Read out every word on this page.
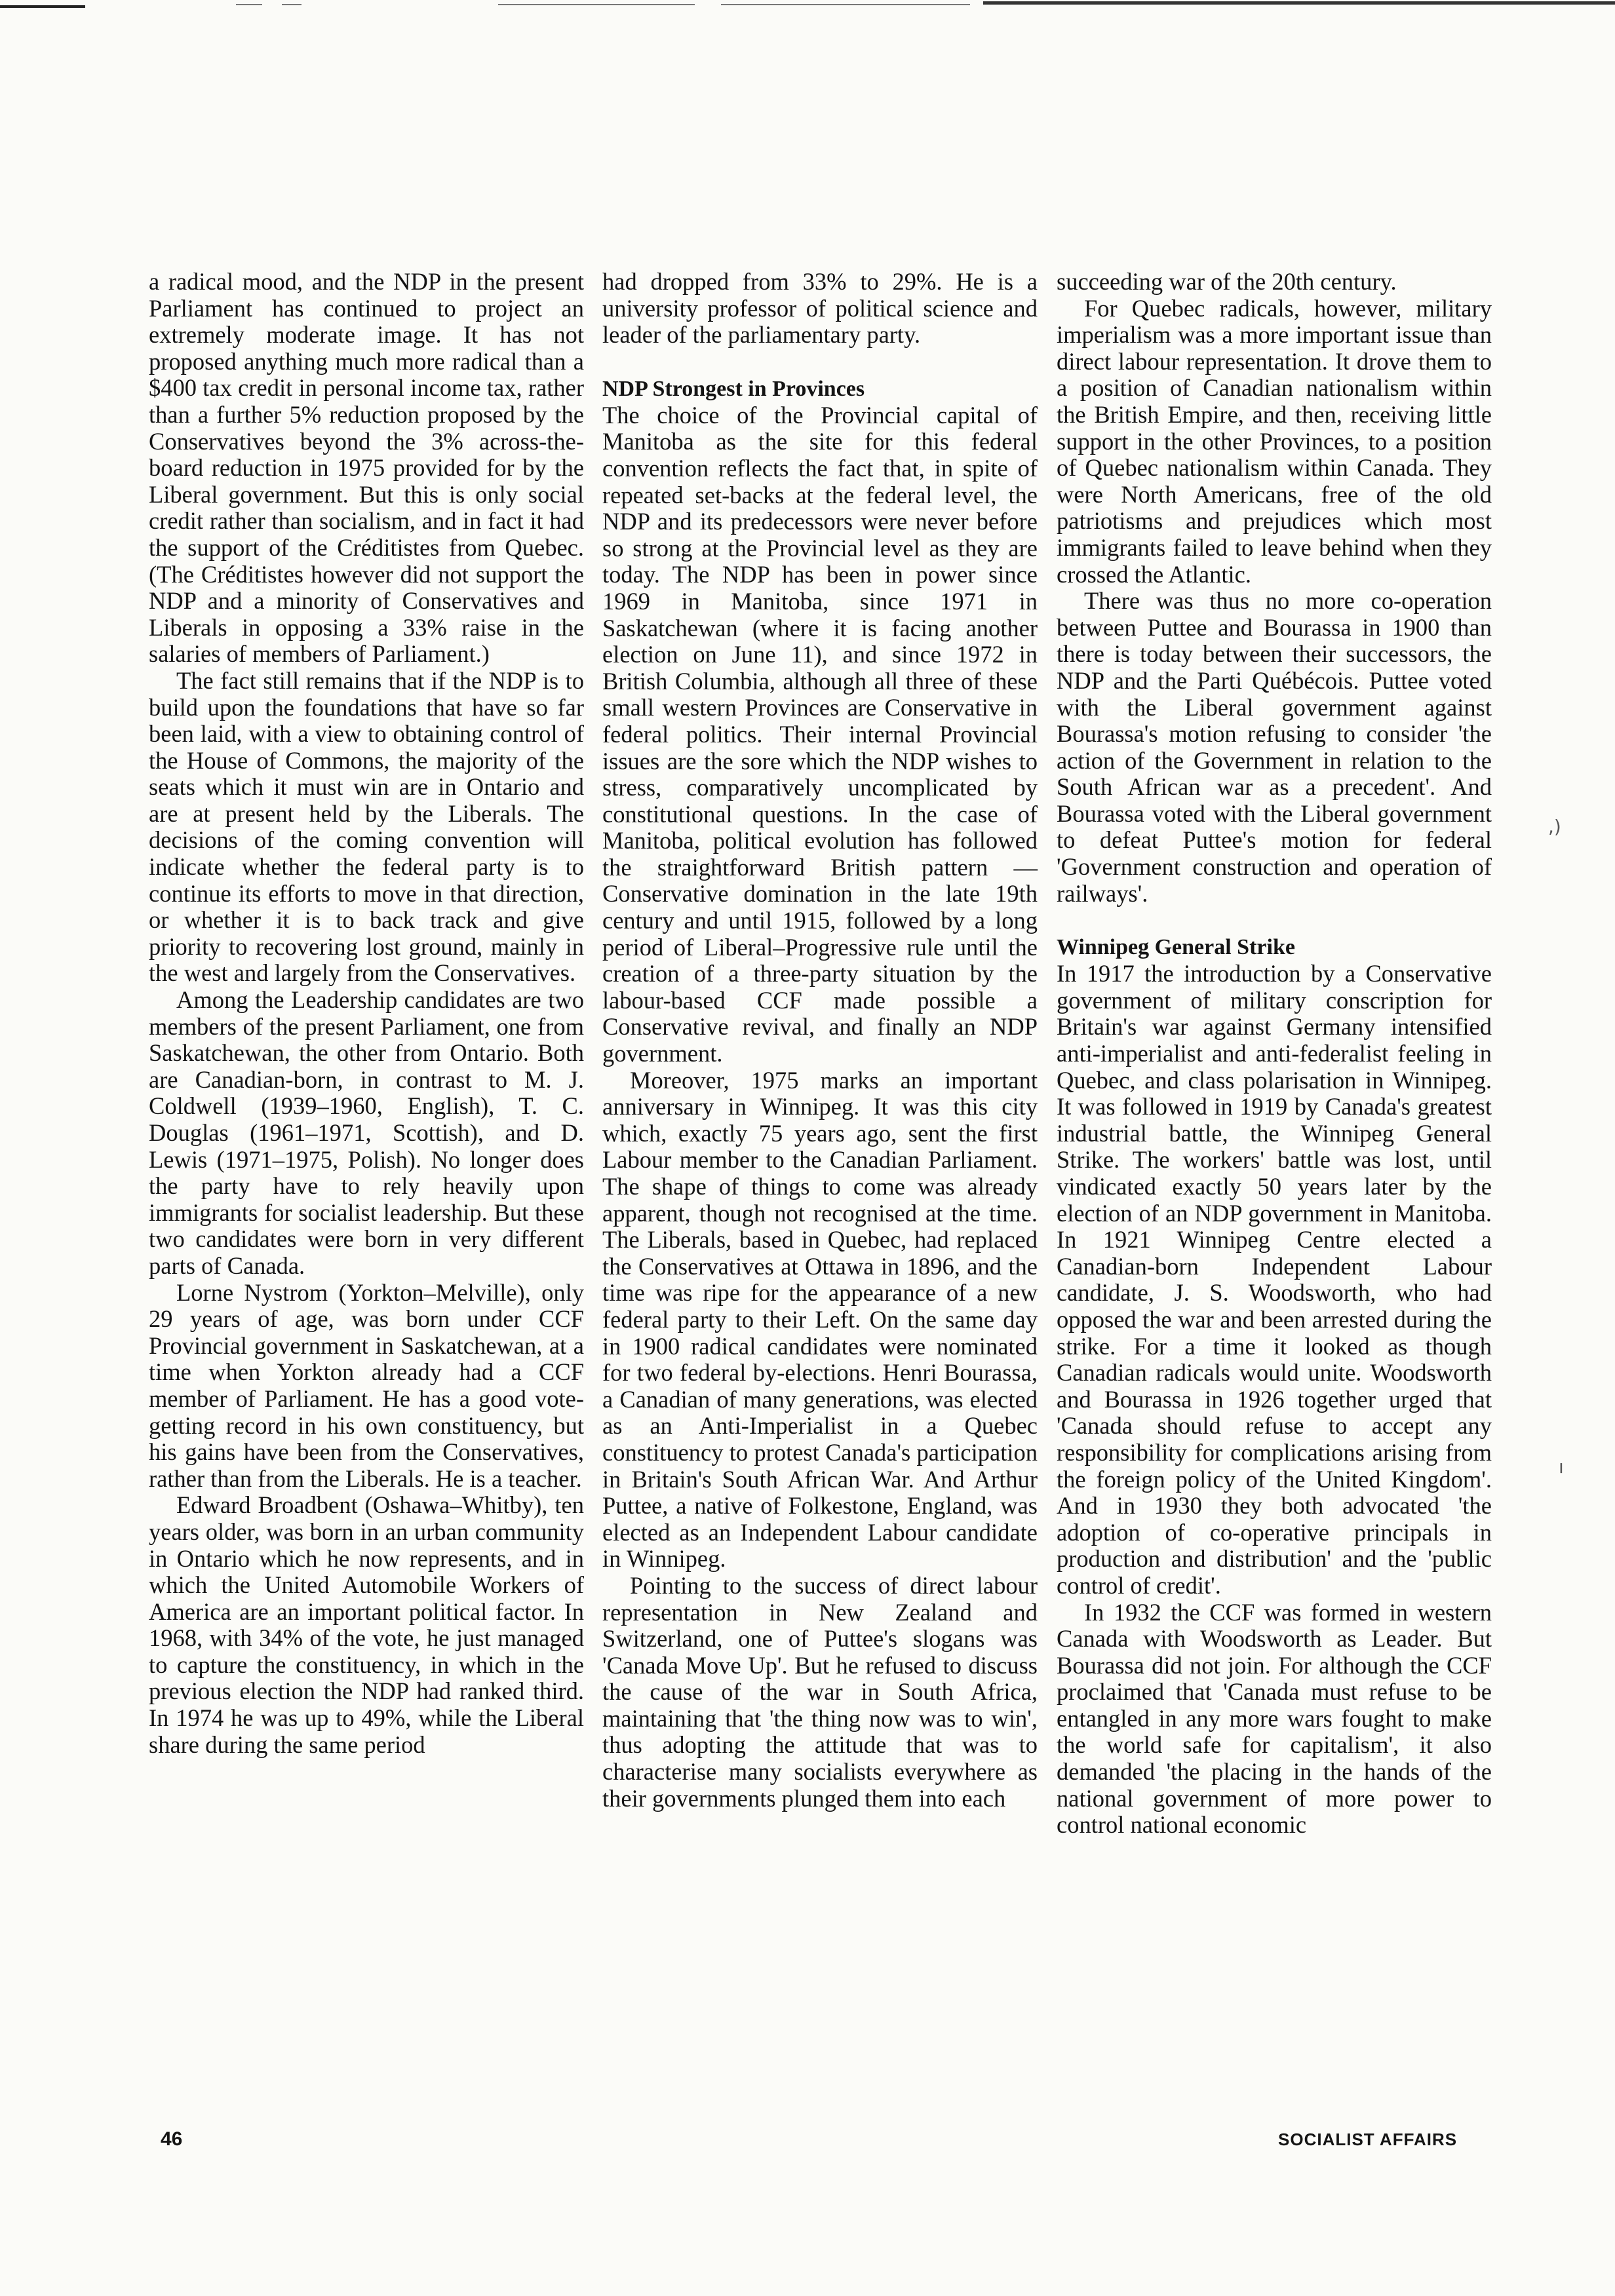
a radical mood, and the NDP in the present Parliament has continued to project an extremely moderate image. It has not proposed anything much more radical than a $400 tax credit in personal income tax, rather than a further 5% reduction proposed by the Conservatives beyond the 3% across-the-board reduction in 1975 provided for by the Liberal government. But this is only social credit rather than socialism, and in fact it had the support of the Créditistes from Quebec. (The Créditistes however did not support the NDP and a minority of Conservatives and Liberals in opposing a 33% raise in the salaries of members of Parliament.)

The fact still remains that if the NDP is to build upon the foundations that have so far been laid, with a view to obtaining control of the House of Commons, the majority of the seats which it must win are in Ontario and are at present held by the Liberals. The decisions of the coming convention will indicate whether the federal party is to continue its efforts to move in that direction, or whether it is to back track and give priority to recovering lost ground, mainly in the west and largely from the Conservatives.

Among the Leadership candidates are two members of the present Parliament, one from Saskatchewan, the other from Ontario. Both are Canadian-born, in contrast to M. J. Coldwell (1939–1960, English), T. C. Douglas (1961–1971, Scottish), and D. Lewis (1971–1975, Polish). No longer does the party have to rely heavily upon immigrants for socialist leadership. But these two candidates were born in very different parts of Canada.

Lorne Nystrom (Yorkton–Melville), only 29 years of age, was born under CCF Provincial government in Saskatchewan, at a time when Yorkton already had a CCF member of Parliament. He has a good vote-getting record in his own constituency, but his gains have been from the Conservatives, rather than from the Liberals. He is a teacher.

Edward Broadbent (Oshawa–Whitby), ten years older, was born in an urban community in Ontario which he now represents, and in which the United Automobile Workers of America are an important political factor. In 1968, with 34% of the vote, he just managed to capture the constituency, in which in the previous election the NDP had ranked third. In 1974 he was up to 49%, while the Liberal share during the same period

had dropped from 33% to 29%. He is a university professor of political science and leader of the parliamentary party.

NDP Strongest in Provinces

The choice of the Provincial capital of Manitoba as the site for this federal convention reflects the fact that, in spite of repeated set-backs at the federal level, the NDP and its predecessors were never before so strong at the Provincial level as they are today. The NDP has been in power since 1969 in Manitoba, since 1971 in Saskatchewan (where it is facing another election on June 11), and since 1972 in British Columbia, although all three of these small western Provinces are Conservative in federal politics. Their internal Provincial issues are the sore which the NDP wishes to stress, comparatively uncomplicated by constitutional questions. In the case of Manitoba, political evolution has followed the straightforward British pattern — Conservative domination in the late 19th century and until 1915, followed by a long period of Liberal–Progressive rule until the creation of a three-party situation by the labour-based CCF made possible a Conservative revival, and finally an NDP government.

Moreover, 1975 marks an important anniversary in Winnipeg. It was this city which, exactly 75 years ago, sent the first Labour member to the Canadian Parliament. The shape of things to come was already apparent, though not recognised at the time. The Liberals, based in Quebec, had replaced the Conservatives at Ottawa in 1896, and the time was ripe for the appearance of a new federal party to their Left. On the same day in 1900 radical candidates were nominated for two federal by-elections. Henri Bourassa, a Canadian of many generations, was elected as an Anti-Imperialist in a Quebec constituency to protest Canada's participation in Britain's South African War. And Arthur Puttee, a native of Folkestone, England, was elected as an Independent Labour candidate in Winnipeg.

Pointing to the success of direct labour representation in New Zealand and Switzerland, one of Puttee's slogans was 'Canada Move Up'. But he refused to discuss the cause of the war in South Africa, maintaining that 'the thing now was to win', thus adopting the attitude that was to characterise many socialists everywhere as their governments plunged them into each

succeeding war of the 20th century.

For Quebec radicals, however, military imperialism was a more important issue than direct labour representation. It drove them to a position of Canadian nationalism within the British Empire, and then, receiving little support in the other Provinces, to a position of Quebec nationalism within Canada. They were North Americans, free of the old patriotisms and prejudices which most immigrants failed to leave behind when they crossed the Atlantic.

There was thus no more co-operation between Puttee and Bourassa in 1900 than there is today between their successors, the NDP and the Parti Québécois. Puttee voted with the Liberal government against Bourassa's motion refusing to consider 'the action of the Government in relation to the South African war as a precedent'. And Bourassa voted with the Liberal government to defeat Puttee's motion for federal 'Government construction and operation of railways'.

Winnipeg General Strike

In 1917 the introduction by a Conservative government of military conscription for Britain's war against Germany intensified anti-imperialist and anti-federalist feeling in Quebec, and class polarisation in Winnipeg. It was followed in 1919 by Canada's greatest industrial battle, the Winnipeg General Strike. The workers' battle was lost, until vindicated exactly 50 years later by the election of an NDP government in Manitoba. In 1921 Winnipeg Centre elected a Canadian-born Independent Labour candidate, J. S. Woodsworth, who had opposed the war and been arrested during the strike. For a time it looked as though Canadian radicals would unite. Woodsworth and Bourassa in 1926 together urged that 'Canada should refuse to accept any responsibility for complications arising from the foreign policy of the United Kingdom'. And in 1930 they both advocated 'the adoption of co-operative principals in production and distribution' and the 'public control of credit'.

In 1932 the CCF was formed in western Canada with Woodsworth as Leader. But Bourassa did not join. For although the CCF proclaimed that 'Canada must refuse to be entangled in any more wars fought to make the world safe for capitalism', it also demanded 'the placing in the hands of the national government of more power to control national economic

,)
ı
46	SOCIALIST AFFAIRS
